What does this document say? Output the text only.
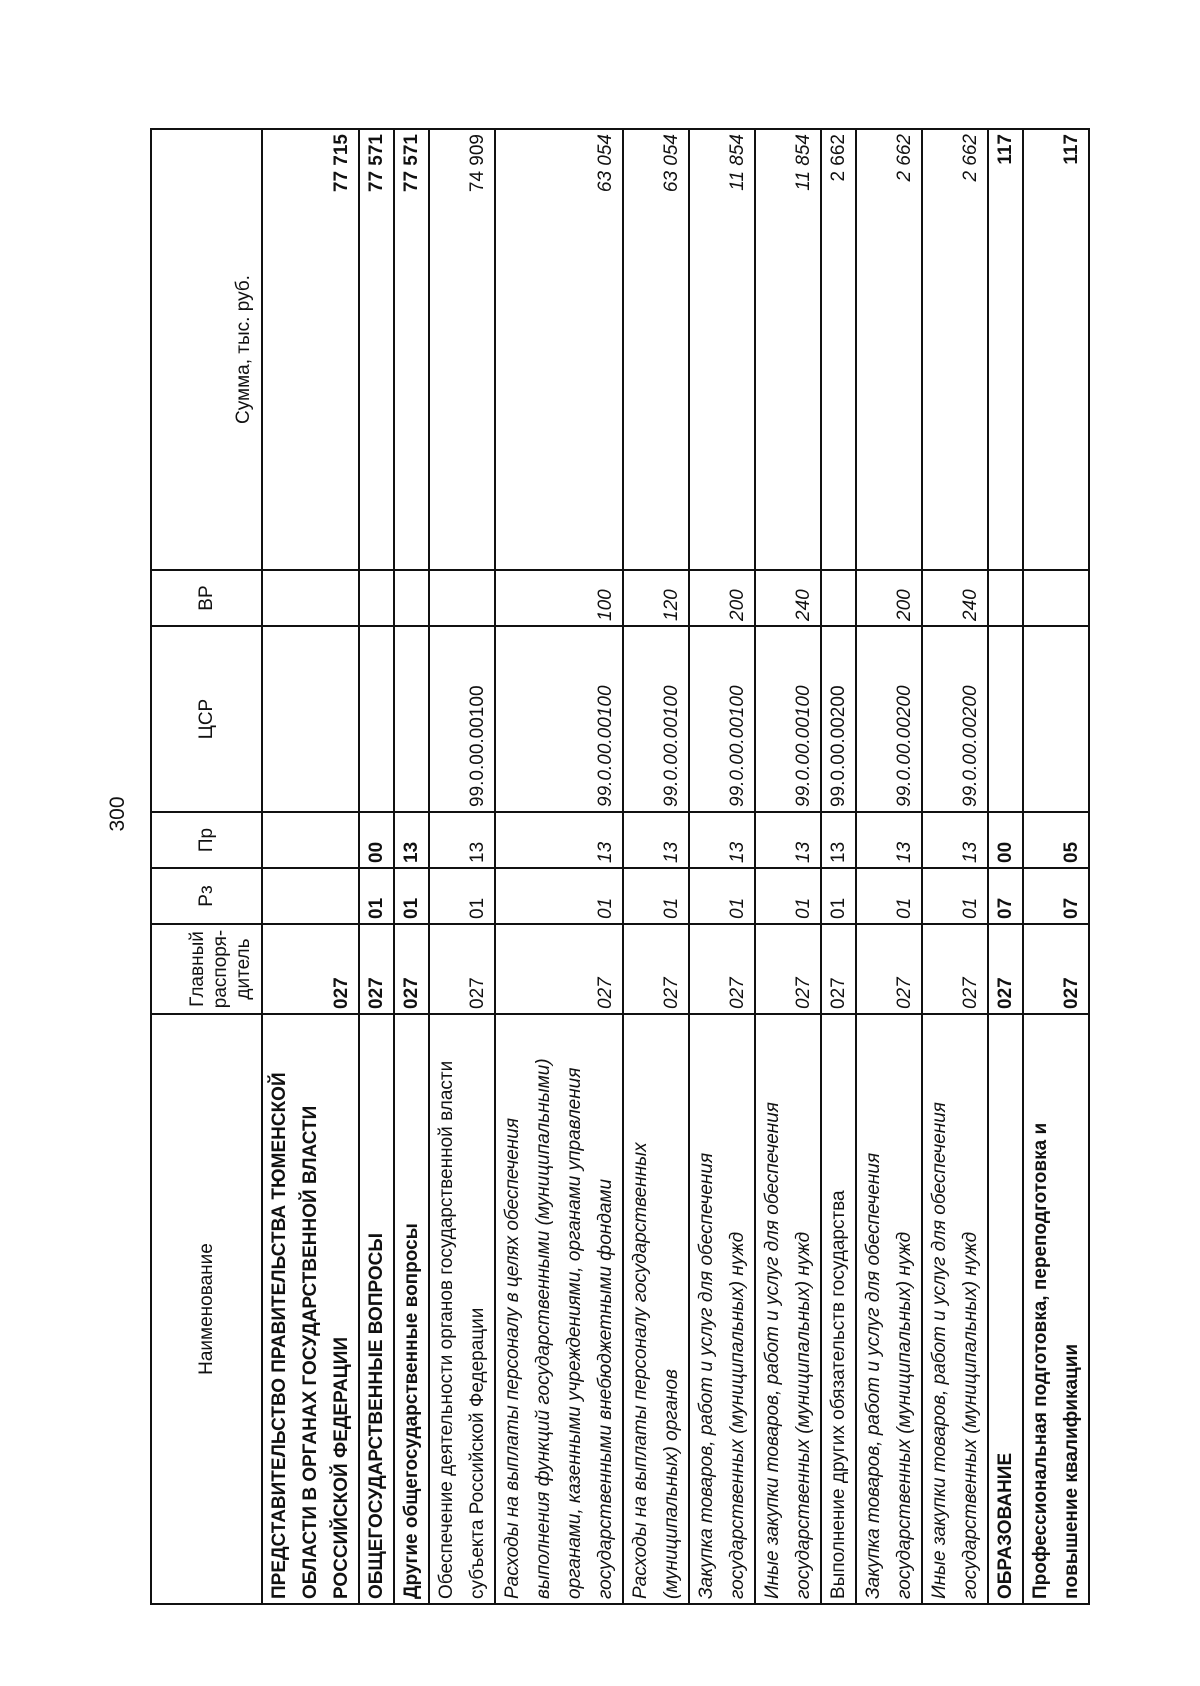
300
Наименование	Главный распоря- дитель	Рз	Пр	ЦСР	ВР	Сумма, тыс. руб.
ПРЕДСТАВИТЕЛЬСТВО ПРАВИТЕЛЬСТВА ТЮМЕНСКОЙ ОБЛАСТИ В ОРГАНАХ ГОСУДАРСТВЕННОЙ ВЛАСТИ РОССИЙСКОЙ ФЕДЕРАЦИИ	027					77 715
ОБЩЕГОСУДАРСТВЕННЫЕ ВОПРОСЫ	027	01	00			77 571
Другие общегосударственные вопросы	027	01	13			77 571
Обеспечение деятельности органов государственной власти субъекта Российской Федерации	027	01	13	99.0.00.00100		74 909
Расходы на выплаты персоналу в целях обеспечения выполнения функций государственными (муниципальными) органами, казенными учреждениями, органами управления государственными внебюджетными фондами	027	01	13	99.0.00.00100	100	63 054
Расходы на выплаты персоналу государственных (муниципальных) органов	027	01	13	99.0.00.00100	120	63 054
Закупка товаров, работ и услуг для обеспечения государственных (муниципальных) нужд	027	01	13	99.0.00.00100	200	11 854
Иные закупки товаров, работ и услуг для обеспечения государственных (муниципальных) нужд	027	01	13	99.0.00.00100	240	11 854
Выполнение других обязательств государства	027	01	13	99.0.00.00200		2 662
Закупка товаров, работ и услуг для обеспечения государственных (муниципальных) нужд	027	01	13	99.0.00.00200	200	2 662
Иные закупки товаров, работ и услуг для обеспечения государственных (муниципальных) нужд	027	01	13	99.0.00.00200	240	2 662
ОБРАЗОВАНИЕ	027	07	00			117
Профессиональная подготовка, переподготовка и повышение квалификации	027	07	05			117
